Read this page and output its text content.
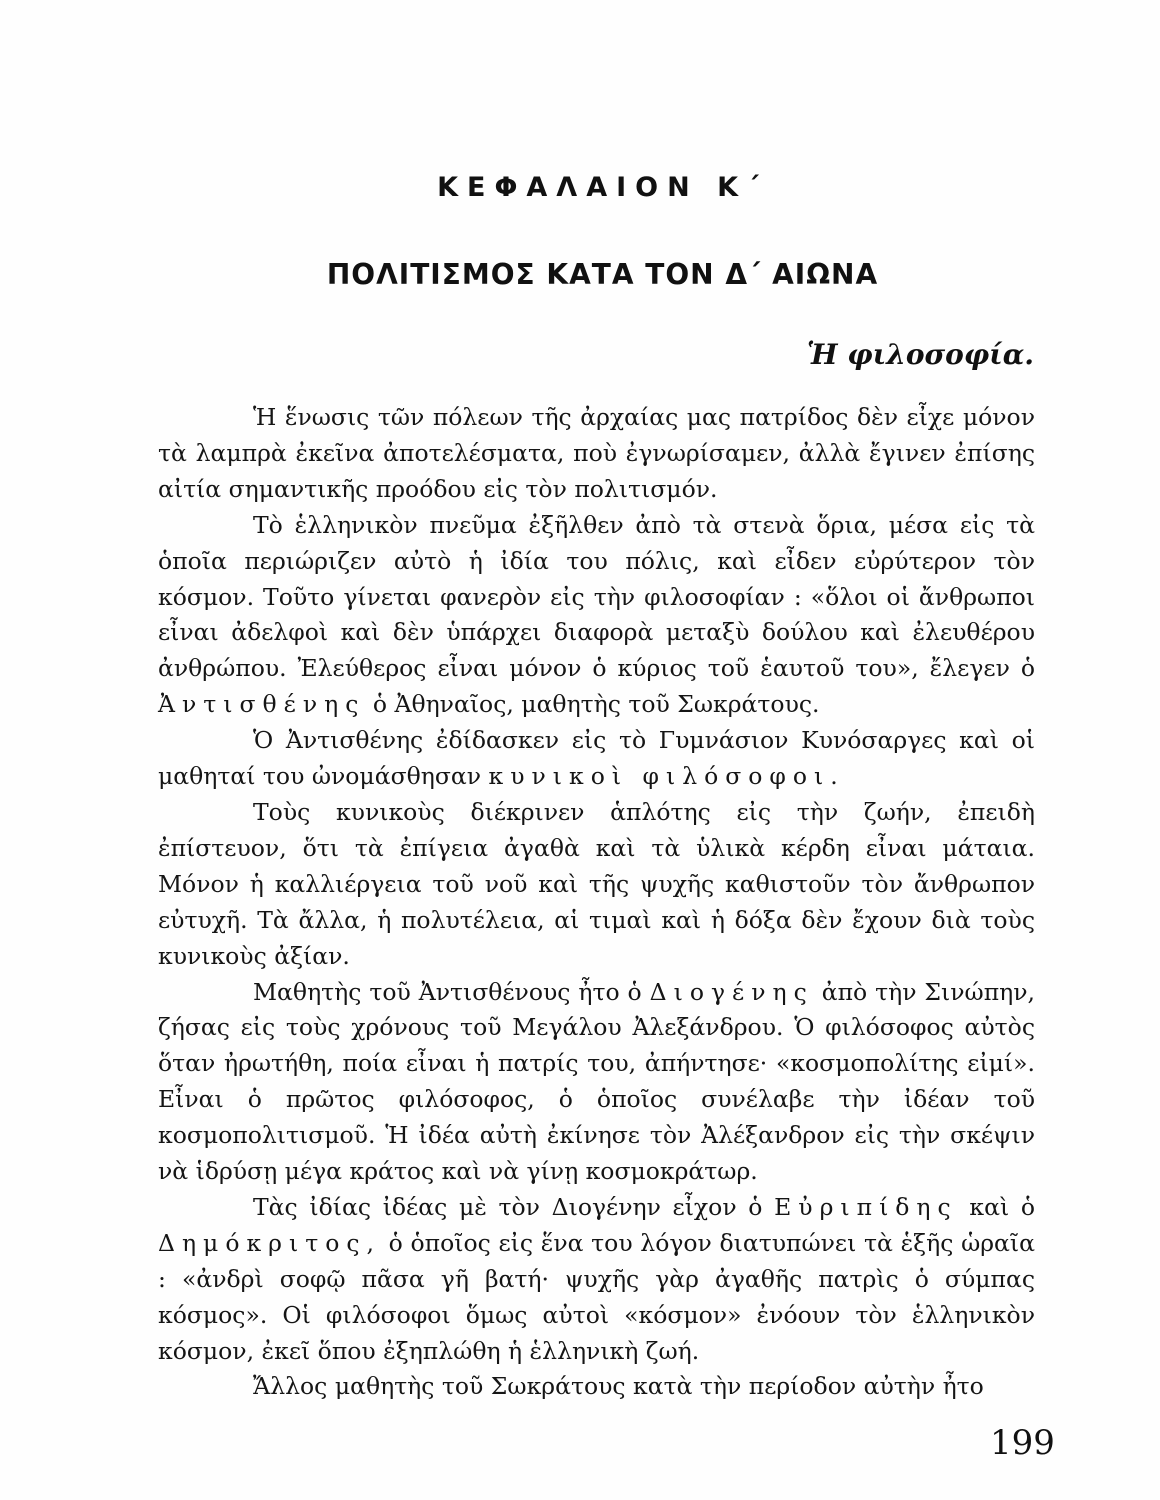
ΚΕΦΑΛΑΙΟΝ Κ΄
ΠΟΛΙΤΙΣΜΟΣ ΚΑΤΑ ΤΟΝ Δ΄ ΑΙΩΝΑ
Ἡ φιλοσοφία.

Ἡ ἕνωσις τῶν πόλεων τῆς ἀρχαίας μας πατρίδος δὲν εἶχε μόνον τὰ λαμπρὰ ἐκεῖνα ἀποτελέσματα, ποὺ ἐγνωρίσαμεν, ἀλλὰ ἔγινεν ἐπίσης αἰτία σημαντικῆς προόδου εἰς τὸν πολιτισμόν.

Τὸ ἑλληνικὸν πνεῦμα ἐξῆλθεν ἀπὸ τὰ στενὰ ὅρια, μέσα εἰς τὰ ὁποῖα περιώριζεν αὐτὸ ἡ ἰδία του πόλις, καὶ εἶδεν εὐρύτερον τὸν κόσμον. Τοῦτο γίνεται φανερὸν εἰς τὴν φιλοσοφίαν : «ὅλοι οἱ ἄνθρωποι εἶναι ἀδελφοὶ καὶ δὲν ὑπάρχει διαφορὰ μεταξὺ δούλου καὶ ἐλευθέρου ἀνθρώπου. Ἐλεύθερος εἶναι μόνον ὁ κύριος τοῦ ἑαυτοῦ του», ἔλεγεν ὁ Ἀντισθένης ὁ Ἀθηναῖος, μαθητὴς τοῦ Σωκράτους.

Ὁ Ἀντισθένης ἐδίδασκεν εἰς τὸ Γυμνάσιον Κυνόσαργες καὶ οἱ μαθηταί του ὠνομάσθησαν κυνικοὶ φιλόσοφοι.

Τοὺς κυνικοὺς διέκρινεν ἁπλότης εἰς τὴν ζωήν, ἐπειδὴ ἐπίστευον, ὅτι τὰ ἐπίγεια ἀγαθὰ καὶ τὰ ὑλικὰ κέρδη εἶναι μάταια. Μόνον ἡ καλλιέργεια τοῦ νοῦ καὶ τῆς ψυχῆς καθιστοῦν τὸν ἄνθρωπον εὐτυχῆ. Τὰ ἄλλα, ἡ πολυτέλεια, αἱ τιμαὶ καὶ ἡ δόξα δὲν ἔχουν διὰ τοὺς κυνικοὺς ἀξίαν.

Μαθητὴς τοῦ Ἀντισθένους ἦτο ὁ Διογένης ἀπὸ τὴν Σινώπην, ζήσας εἰς τοὺς χρόνους τοῦ Μεγάλου Ἀλεξάνδρου. Ὁ φιλόσοφος αὐτὸς ὅταν ἠρωτήθη, ποία εἶναι ἡ πατρίς του, ἀπήντησε· «κοσμοπολίτης εἰμί». Εἶναι ὁ πρῶτος φιλόσοφος, ὁ ὁποῖος συνέλαβε τὴν ἰδέαν τοῦ κοσμοπολιτισμοῦ. Ἡ ἰδέα αὐτὴ ἐκίνησε τὸν Ἀλέξανδρον εἰς τὴν σκέψιν νὰ ἱδρύσῃ μέγα κράτος καὶ νὰ γίνῃ κοσμοκράτωρ.

Τὰς ἰδίας ἰδέας μὲ τὸν Διογένην εἶχον ὁ Εὐριπίδης καὶ ὁ Δημόκριτος, ὁ ὁποῖος εἰς ἕνα του λόγον διατυπώνει τὰ ἑξῆς ὡραῖα : «ἀνδρὶ σοφῷ πᾶσα γῆ βατή· ψυχῆς γὰρ ἀγαθῆς πατρὶς ὁ σύμπας κόσμος». Οἱ φιλόσοφοι ὅμως αὐτοὶ «κόσμον» ἐνόουν τὸν ἑλληνικὸν κόσμον, ἐκεῖ ὅπου ἐξηπλώθη ἡ ἑλληνικὴ ζωή.

Ἄλλος μαθητὴς τοῦ Σωκράτους κατὰ τὴν περίοδον αὐτὴν ἦτο

199
